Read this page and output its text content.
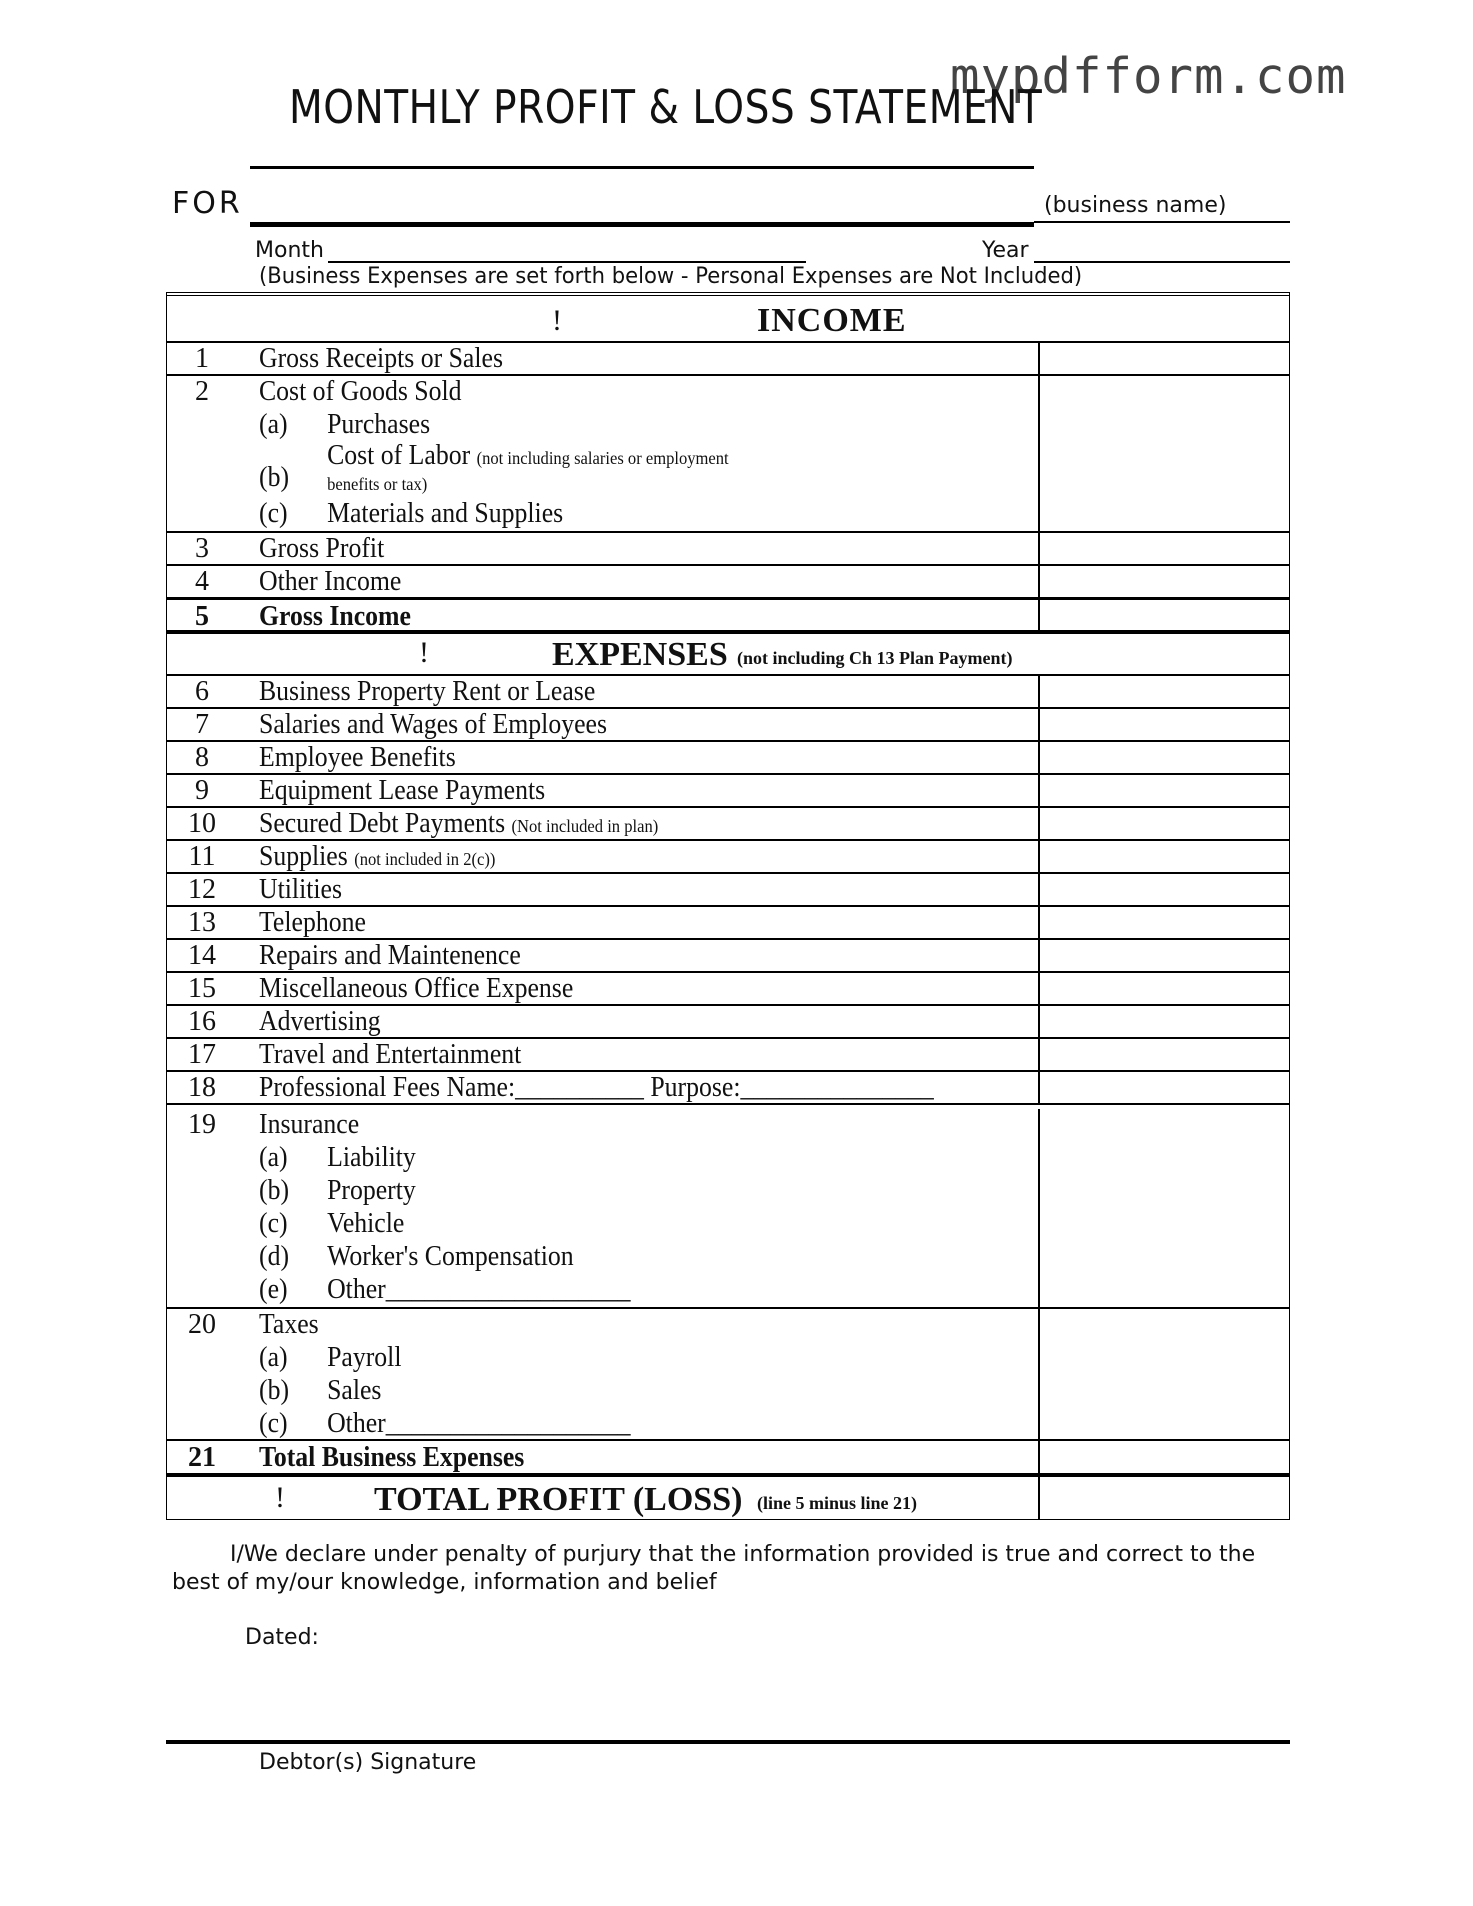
mypdfform.com
MONTHLY PROFIT & LOSS STATEMENT
FOR	(business name)
Month	Year
(Business Expenses are set forth below - Personal Expenses are Not Included)
!	INCOME
1	Gross Receipts or Sales
2	Cost of Goods Sold
(a) Purchases
(b)
Cost of Labor (not including salaries or employment
benefits or tax)
(c) Materials and Supplies
3	Gross Profit
4	Other Income
5	Gross Income
!	EXPENSES (not including Ch 13 Plan Payment)
6	Business Property Rent or Lease
7	Salaries and Wages of Employees
8	Employee Benefits
9	Equipment Lease Payments
10	Secured Debt Payments (Not included in plan)
11	Supplies (not included in 2(c))
12	Utilities
13	Telephone
14	Repairs and Maintenence
15	Miscellaneous Office Expense
16	Advertising
17	Travel and Entertainment
18	Professional Fees Name:__________ Purpose:_______________
19	Insurance
(a) Liability
(b) Property
(c) Vehicle
(d) Worker's Compensation
(e) Other___________________
20	Taxes
(a) Payroll
(b) Sales
(c) Other___________________
21	Total Business Expenses
!	TOTAL PROFIT (LOSS) (line 5 minus line 21)
I/We declare under penalty of purjury that the information provided is true and correct to the best of my/our knowledge, information and belief
Dated:
Debtor(s) Signature
